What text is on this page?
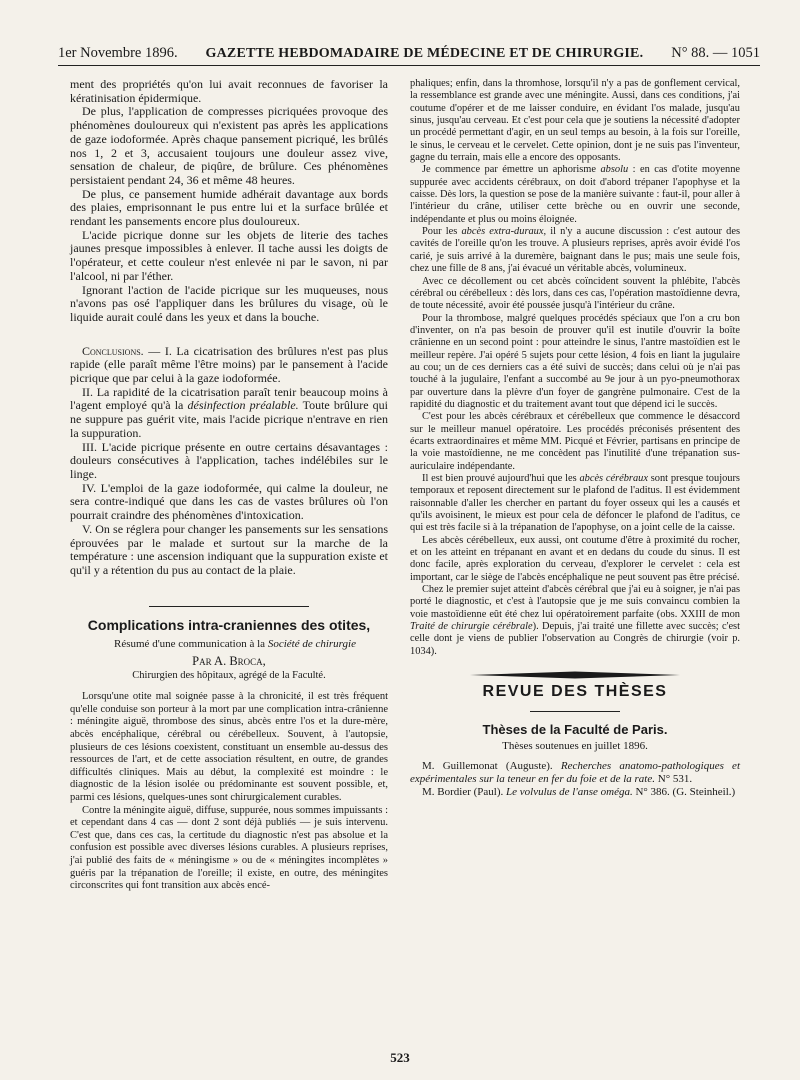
1er Novembre 1896. GAZETTE HEBDOMADAIRE DE MÉDECINE ET DE CHIRURGIE. N° 88. — 1051

ment des propriétés qu'on lui avait reconnues de favoriser la kératinisation épidermique.

De plus, l'application de compresses picriquées provoque des phénomènes douloureux qui n'existent pas après les applications de gaze iodoformée. Après chaque pansement picriqué, les brûlés nos 1, 2 et 3, accusaient toujours une douleur assez vive, sensation de chaleur, de piqûre, de brûlure. Ces phénomènes persistaient pendant 24, 36 et même 48 heures.

De plus, ce pansement humide adhérait davantage aux bords des plaies, emprisonnant le pus entre lui et la surface brûlée et rendant les pansements encore plus douloureux.

L'acide picrique donne sur les objets de literie des taches jaunes presque impossibles à enlever. Il tache aussi les doigts de l'opérateur, et cette couleur n'est enlevée ni par le savon, ni par l'alcool, ni par l'éther.

Ignorant l'action de l'acide picrique sur les muqueuses, nous n'avons pas osé l'appliquer dans les brûlures du visage, où le liquide aurait coulé dans les yeux et dans la bouche.

Conclusions. — I. La cicatrisation des brûlures n'est pas plus rapide (elle paraît même l'être moins) par le pansement à l'acide picrique que par celui à la gaze iodoformée.

II. La rapidité de la cicatrisation paraît tenir beaucoup moins à l'agent employé qu'à la désinfection préalable. Toute brûlure qui ne suppure pas guérit vite, mais l'acide picrique n'entrave en rien la suppuration.

III. L'acide picrique présente en outre certains désavantages : douleurs consécutives à l'application, taches indélébiles sur le linge.

IV. L'emploi de la gaze iodoformée, qui calme la douleur, ne sera contre-indiqué que dans les cas de vastes brûlures où l'on pourrait craindre des phénomènes d'intoxication.

V. On se réglera pour changer les pansements sur les sensations éprouvées par le malade et surtout sur la marche de la température : une ascension indiquant que la suppuration existe et qu'il y a rétention du pus au contact de la plaie.

Complications intra-craniennes des otites,

Résumé d'une communication à la Société de chirurgie

Par A. Broca,
Chirurgien des hôpitaux, agrégé de la Faculté.

Lorsqu'une otite mal soignée passe à la chronicité, il est très fréquent qu'elle conduise son porteur à la mort par une complication intra-crânienne : méningite aiguë, thrombose des sinus, abcès entre l'os et la dure-mère, abcès encéphalique, cérébral ou cérébelleux. Souvent, à l'autopsie, plusieurs de ces lésions coexistent, constituant un ensemble au-dessus des ressources de l'art, et de cette association résultent, en outre, de grandes difficultés cliniques. Mais au début, la complexité est moindre : le diagnostic de la lésion isolée ou prédominante est souvent possible, et, parmi ces lésions, quelques-unes sont chirurgicalement curables.

Contre la méningite aiguë, diffuse, suppurée, nous sommes impuissants : et cependant dans 4 cas — dont 2 sont déjà publiés — je suis intervenu. C'est que, dans ces cas, la certitude du diagnostic n'est pas absolue et la confusion est possible avec diverses lésions curables. A plusieurs reprises, j'ai publié des faits de « méningisme » ou de « méningites incomplètes » guéris par la trépanation de l'oreille; il existe, en outre, des méningites circonscrites qui font transition aux abcès encé-

phaliques; enfin, dans la thromhose, lorsqu'il n'y a pas de gonflement cervical, la ressemblance est grande avec une méningite. Aussi, dans ces conditions, j'ai coutume d'opérer et de me laisser conduire, en évidant l'os malade, jusqu'au sinus, jusqu'au cerveau. Et c'est pour cela que je soutiens la nécessité d'adopter un procédé permettant d'agir, en un seul temps au besoin, à la fois sur l'oreille, le sinus, le cerveau et le cervelet. Cette opinion, dont je ne suis pas l'inventeur, gagne du terrain, mais elle a encore des opposants.

Je commence par émettre un aphorisme absolu : en cas d'otite moyenne suppurée avec accidents cérébraux, on doit d'abord trépaner l'apophyse et la caisse. Dès lors, la question se pose de la manière suivante : faut-il, pour aller à l'intérieur du crâne, utiliser cette brèche ou en ouvrir une seconde, indépendante et plus ou moins éloignée.

Pour les abcès extra-duraux, il n'y a aucune discussion : c'est autour des cavités de l'oreille qu'on les trouve. A plusieurs reprises, après avoir évidé l'os carié, je suis arrivé à la duremère, baignant dans le pus; mais une seule fois, chez une fille de 8 ans, j'ai évacué un véritable abcès, volumineux.

Avec ce décollement ou cet abcès coïncident souvent la phlébite, l'abcès cérébral ou cérébelleux : dès lors, dans ces cas, l'opération mastoïdienne devra, de toute nécessité, avoir été poussée jusqu'à l'intérieur du crâne.

Pour la thrombose, malgré quelques procédés spéciaux que l'on a cru bon d'inventer, on n'a pas besoin de prouver qu'il est inutile d'ouvrir la boîte crânienne en un second point : pour atteindre le sinus, l'antre mastoïdien est le meilleur repère. J'ai opéré 5 sujets pour cette lésion, 4 fois en liant la jugulaire au cou; un de ces derniers cas a été suivi de succès; dans celui où je n'ai pas touché à la jugulaire, l'enfant a succombé au 9e jour à un pyo-pneumothorax par ouverture dans la plèvre d'un foyer de gangrène pulmonaire. C'est de la rapidité du diagnostic et du traitement avant tout que dépend ici le succès.

C'est pour les abcès cérébraux et cérébelleux que commence le désaccord sur le meilleur manuel opératoire. Les procédés préconisés présentent des écarts extraordinaires et même MM. Picqué et Février, partisans en principe de la voie mastoïdienne, ne me concèdent pas l'inutilité d'une trépanation sus-auriculaire indépendante.

Il est bien prouvé aujourd'hui que les abcès cérébraux sont presque toujours temporaux et reposent directement sur le plafond de l'aditus. Il est évidemment raisonnable d'aller les chercher en partant du foyer osseux qui les a causés et qu'ils avoisinent, le mieux est pour cela de défoncer le plafond de l'aditus, ce qui est très facile si à la trépanation de l'apophyse, on a joint celle de la caisse.

Les abcès cérébelleux, eux aussi, ont coutume d'être à proximité du rocher, et on les atteint en trépanant en avant et en dedans du coude du sinus. Il est donc facile, après exploration du cerveau, d'explorer le cervelet : cela est important, car le siège de l'abcès encéphalique ne peut souvent pas être précisé.

Chez le premier sujet atteint d'abcès cérébral que j'ai eu à soigner, je n'ai pas porté le diagnostic, et c'est à l'autopsie que je me suis convaincu combien la voie mastoïdienne eût été chez lui opératoirement parfaite (obs. XXIII de mon Traité de chirurgie cérébrale). Depuis, j'ai traité une fillette avec succès; c'est celle dont je viens de publier l'observation au Congrès de chirurgie (voir p. 1034).

REVUE DES THÈSES
Thèses de la Faculté de Paris.
Thèses soutenues en juillet 1896.

M. Guillemonat (Auguste). Recherches anatomo-pathologiques et expérimentales sur la teneur en fer du foie et de la rate. N° 531.

M. Bordier (Paul). Le volvulus de l'anse oméga. N° 386. (G. Steinheil.)

523
